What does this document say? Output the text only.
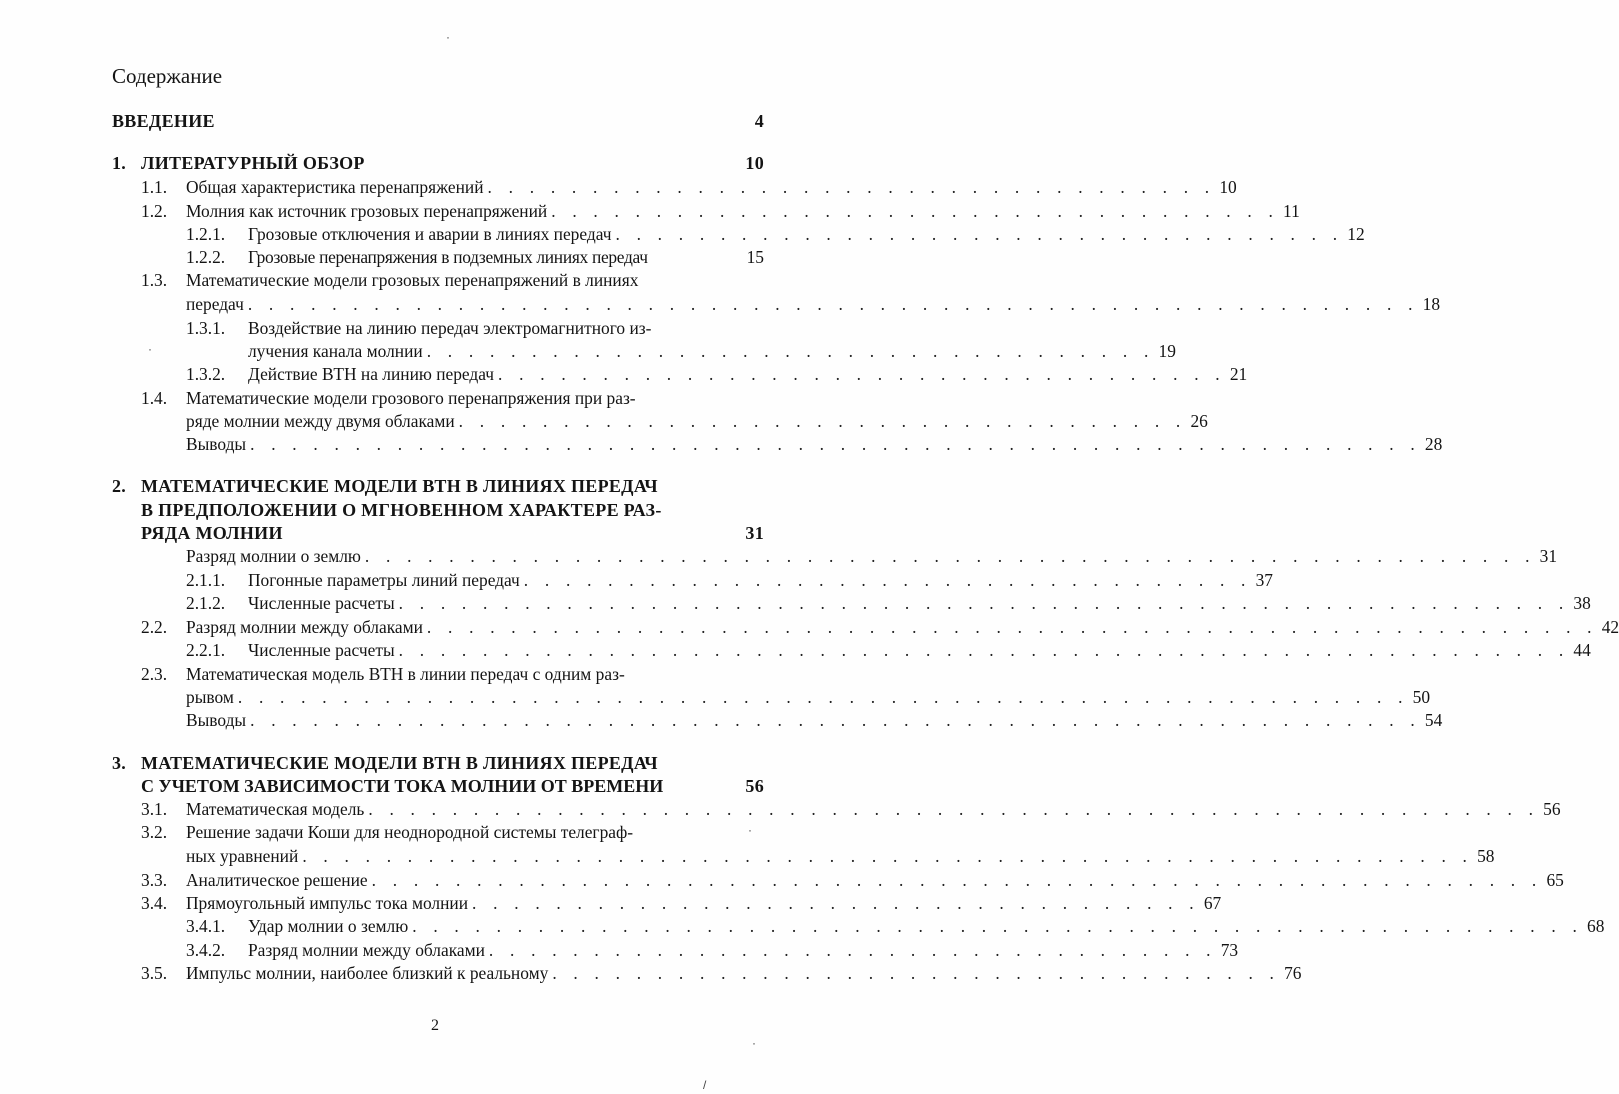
Содержание
ВВЕДЕНИЕ	4
1. ЛИТЕРАТУРНЫЙ ОБЗОР	10
1.1.	Общая характеристика перенапряжений . . . . . . . . . . . . . . . . . . . . . . . . . . . . . . . . . . . 10
1.2.	Молния как источник грозовых перенапряжений . . . . . . . . . . . . . . . . . . . . . . . . . . . . . . . . . . . 11
1.2.1.	Грозовые отключения и аварии в линиях передач . . . . . . . . . . . . . . . . . . . . . . . . . . . . . . . . . . . 12
1.2.2.	Грозовые перенапряжения в подземных линиях передач	15
1.3.	Математические модели грозовых перенапряжений в линиях
передач . . . . . . . . . . . . . . . . . . . . . . . . . . . . . . . . . . . . . . . . . . . . . . . . . . . . . . . . 18
1.3.1.	Воздействие на линию передач электромагнитного из-
лучения канала молнии . . . . . . . . . . . . . . . . . . . . . . . . . . . . . . . . . . . 19
1.3.2.	Действие ВТН на линию передач . . . . . . . . . . . . . . . . . . . . . . . . . . . . . . . . . . . 21
1.4.	Математические модели грозового перенапряжения при раз-
ряде молнии между двумя облаками . . . . . . . . . . . . . . . . . . . . . . . . . . . . . . . . . . . 26
Выводы . . . . . . . . . . . . . . . . . . . . . . . . . . . . . . . . . . . . . . . . . . . . . . . . . . . . . . . . 28
2. МАТЕМАТИЧЕСКИЕ МОДЕЛИ ВТН В ЛИНИЯХ ПЕРЕДАЧ
В ПРЕДПОЛОЖЕНИИ О МГНОВЕННОМ ХАРАКТЕРЕ РАЗ-
РЯДА МОЛНИИ	31
Разряд молнии о землю . . . . . . . . . . . . . . . . . . . . . . . . . . . . . . . . . . . . . . . . . . . . . . . . . . . . . . . . 31
2.1.1.	Погонные параметры линий передач . . . . . . . . . . . . . . . . . . . . . . . . . . . . . . . . . . . 37
2.1.2.	Численные расчеты . . . . . . . . . . . . . . . . . . . . . . . . . . . . . . . . . . . . . . . . . . . . . . . . . . . . . . . . 38
2.2.	Разряд молнии между облаками . . . . . . . . . . . . . . . . . . . . . . . . . . . . . . . . . . . . . . . . . . . . . . . . . . . . . . . . 42
2.2.1.	Численные расчеты . . . . . . . . . . . . . . . . . . . . . . . . . . . . . . . . . . . . . . . . . . . . . . . . . . . . . . . . 44
2.3.	Математическая модель ВТН в линии передач с одним раз-
рывом . . . . . . . . . . . . . . . . . . . . . . . . . . . . . . . . . . . . . . . . . . . . . . . . . . . . . . . . 50
Выводы . . . . . . . . . . . . . . . . . . . . . . . . . . . . . . . . . . . . . . . . . . . . . . . . . . . . . . . . 54
3. МАТЕМАТИЧЕСКИЕ МОДЕЛИ ВТН В ЛИНИЯХ ПЕРЕДАЧ
С УЧЕТОМ ЗАВИСИМОСТИ ТОКА МОЛНИИ ОТ ВРЕМЕНИ	56
3.1.	Математическая модель . . . . . . . . . . . . . . . . . . . . . . . . . . . . . . . . . . . . . . . . . . . . . . . . . . . . . . . . 56
3.2.	Решение задачи Коши для неоднородной системы телеграф-
ных уравнений . . . . . . . . . . . . . . . . . . . . . . . . . . . . . . . . . . . . . . . . . . . . . . . . . . . . . . . . 58
3.3.	Аналитическое решение . . . . . . . . . . . . . . . . . . . . . . . . . . . . . . . . . . . . . . . . . . . . . . . . . . . . . . . . 65
3.4.	Прямоугольный импульс тока молнии . . . . . . . . . . . . . . . . . . . . . . . . . . . . . . . . . . . 67
3.4.1.	Удар молнии о землю . . . . . . . . . . . . . . . . . . . . . . . . . . . . . . . . . . . . . . . . . . . . . . . . . . . . . . . . 68
3.4.2.	Разряд молнии между облаками . . . . . . . . . . . . . . . . . . . . . . . . . . . . . . . . . . . 73
3.5.	Импульс молнии, наиболее близкий к реальному . . . . . . . . . . . . . . . . . . . . . . . . . . . . . . . . . . . 76
2
·
·
·
·
/
